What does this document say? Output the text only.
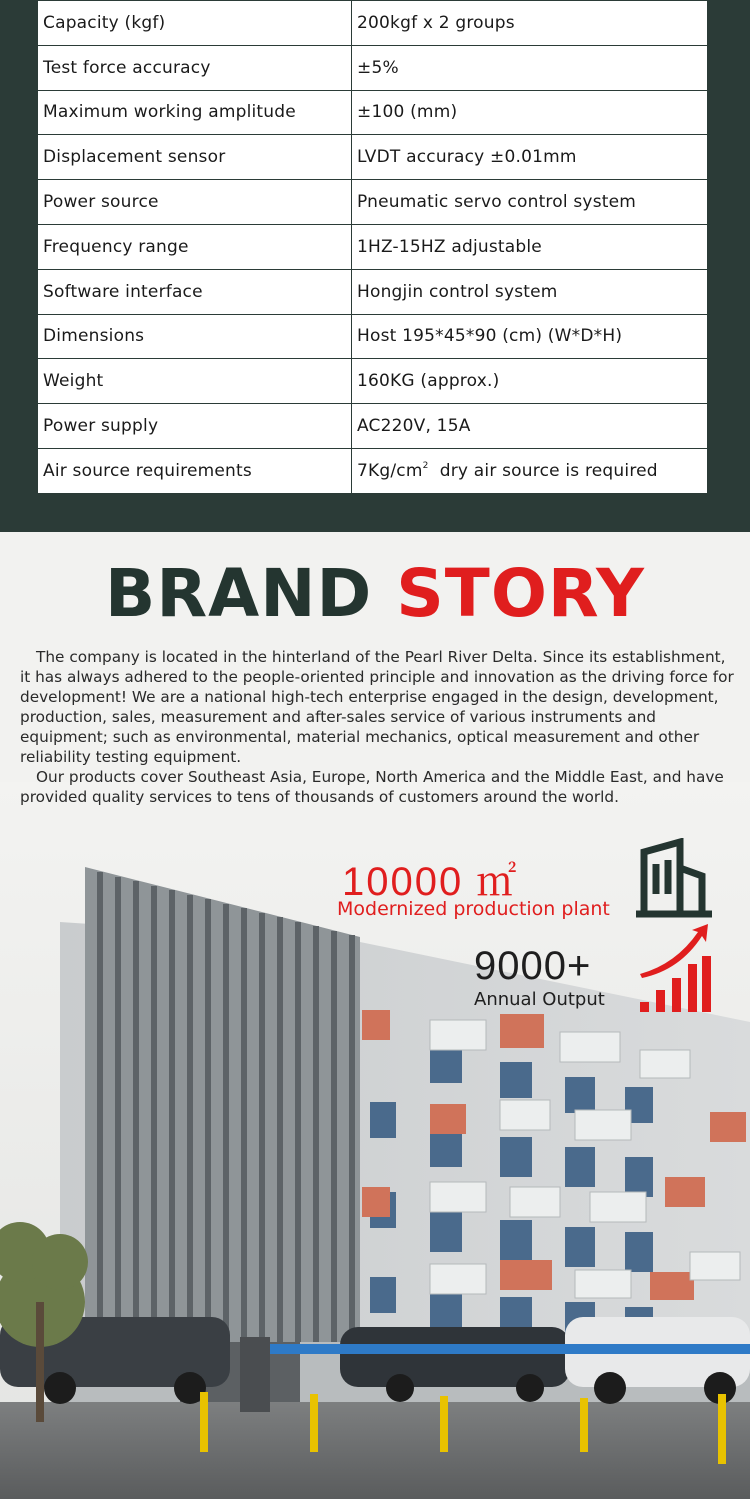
Capacity (kgf)	200kgf x 2 groups
Test force accuracy	±5%
Maximum working amplitude	±100 (mm)
Displacement sensor	LVDT accuracy ±0.01mm
Power source	Pneumatic servo control system
Frequency range	1HZ-15HZ adjustable
Software interface	Hongjin control system
Dimensions	Host 195*45*90 (cm) (W*D*H)
Weight	160KG (approx.)
Power supply	AC220V, 15A
Air source requirements	$7Kg/cm^2$  dry air source is required
BRAND STORY

The company is located in the hinterland of the Pearl River Delta. Since its establishment, it has always adhered to the people-oriented principle and innovation as the driving force for development! We are a national high-tech enterprise engaged in the design, development, production, sales, measurement and after-sales service of various instruments and equipment; such as environmental, material mechanics, optical measurement and other reliability testing equipment.

Our products cover Southeast Asia, Europe, North America and the Middle East, and have provided quality services to tens of thousands of customers around the world.

10000 ㎡
Modernized production plant
9000+
Annual Output
